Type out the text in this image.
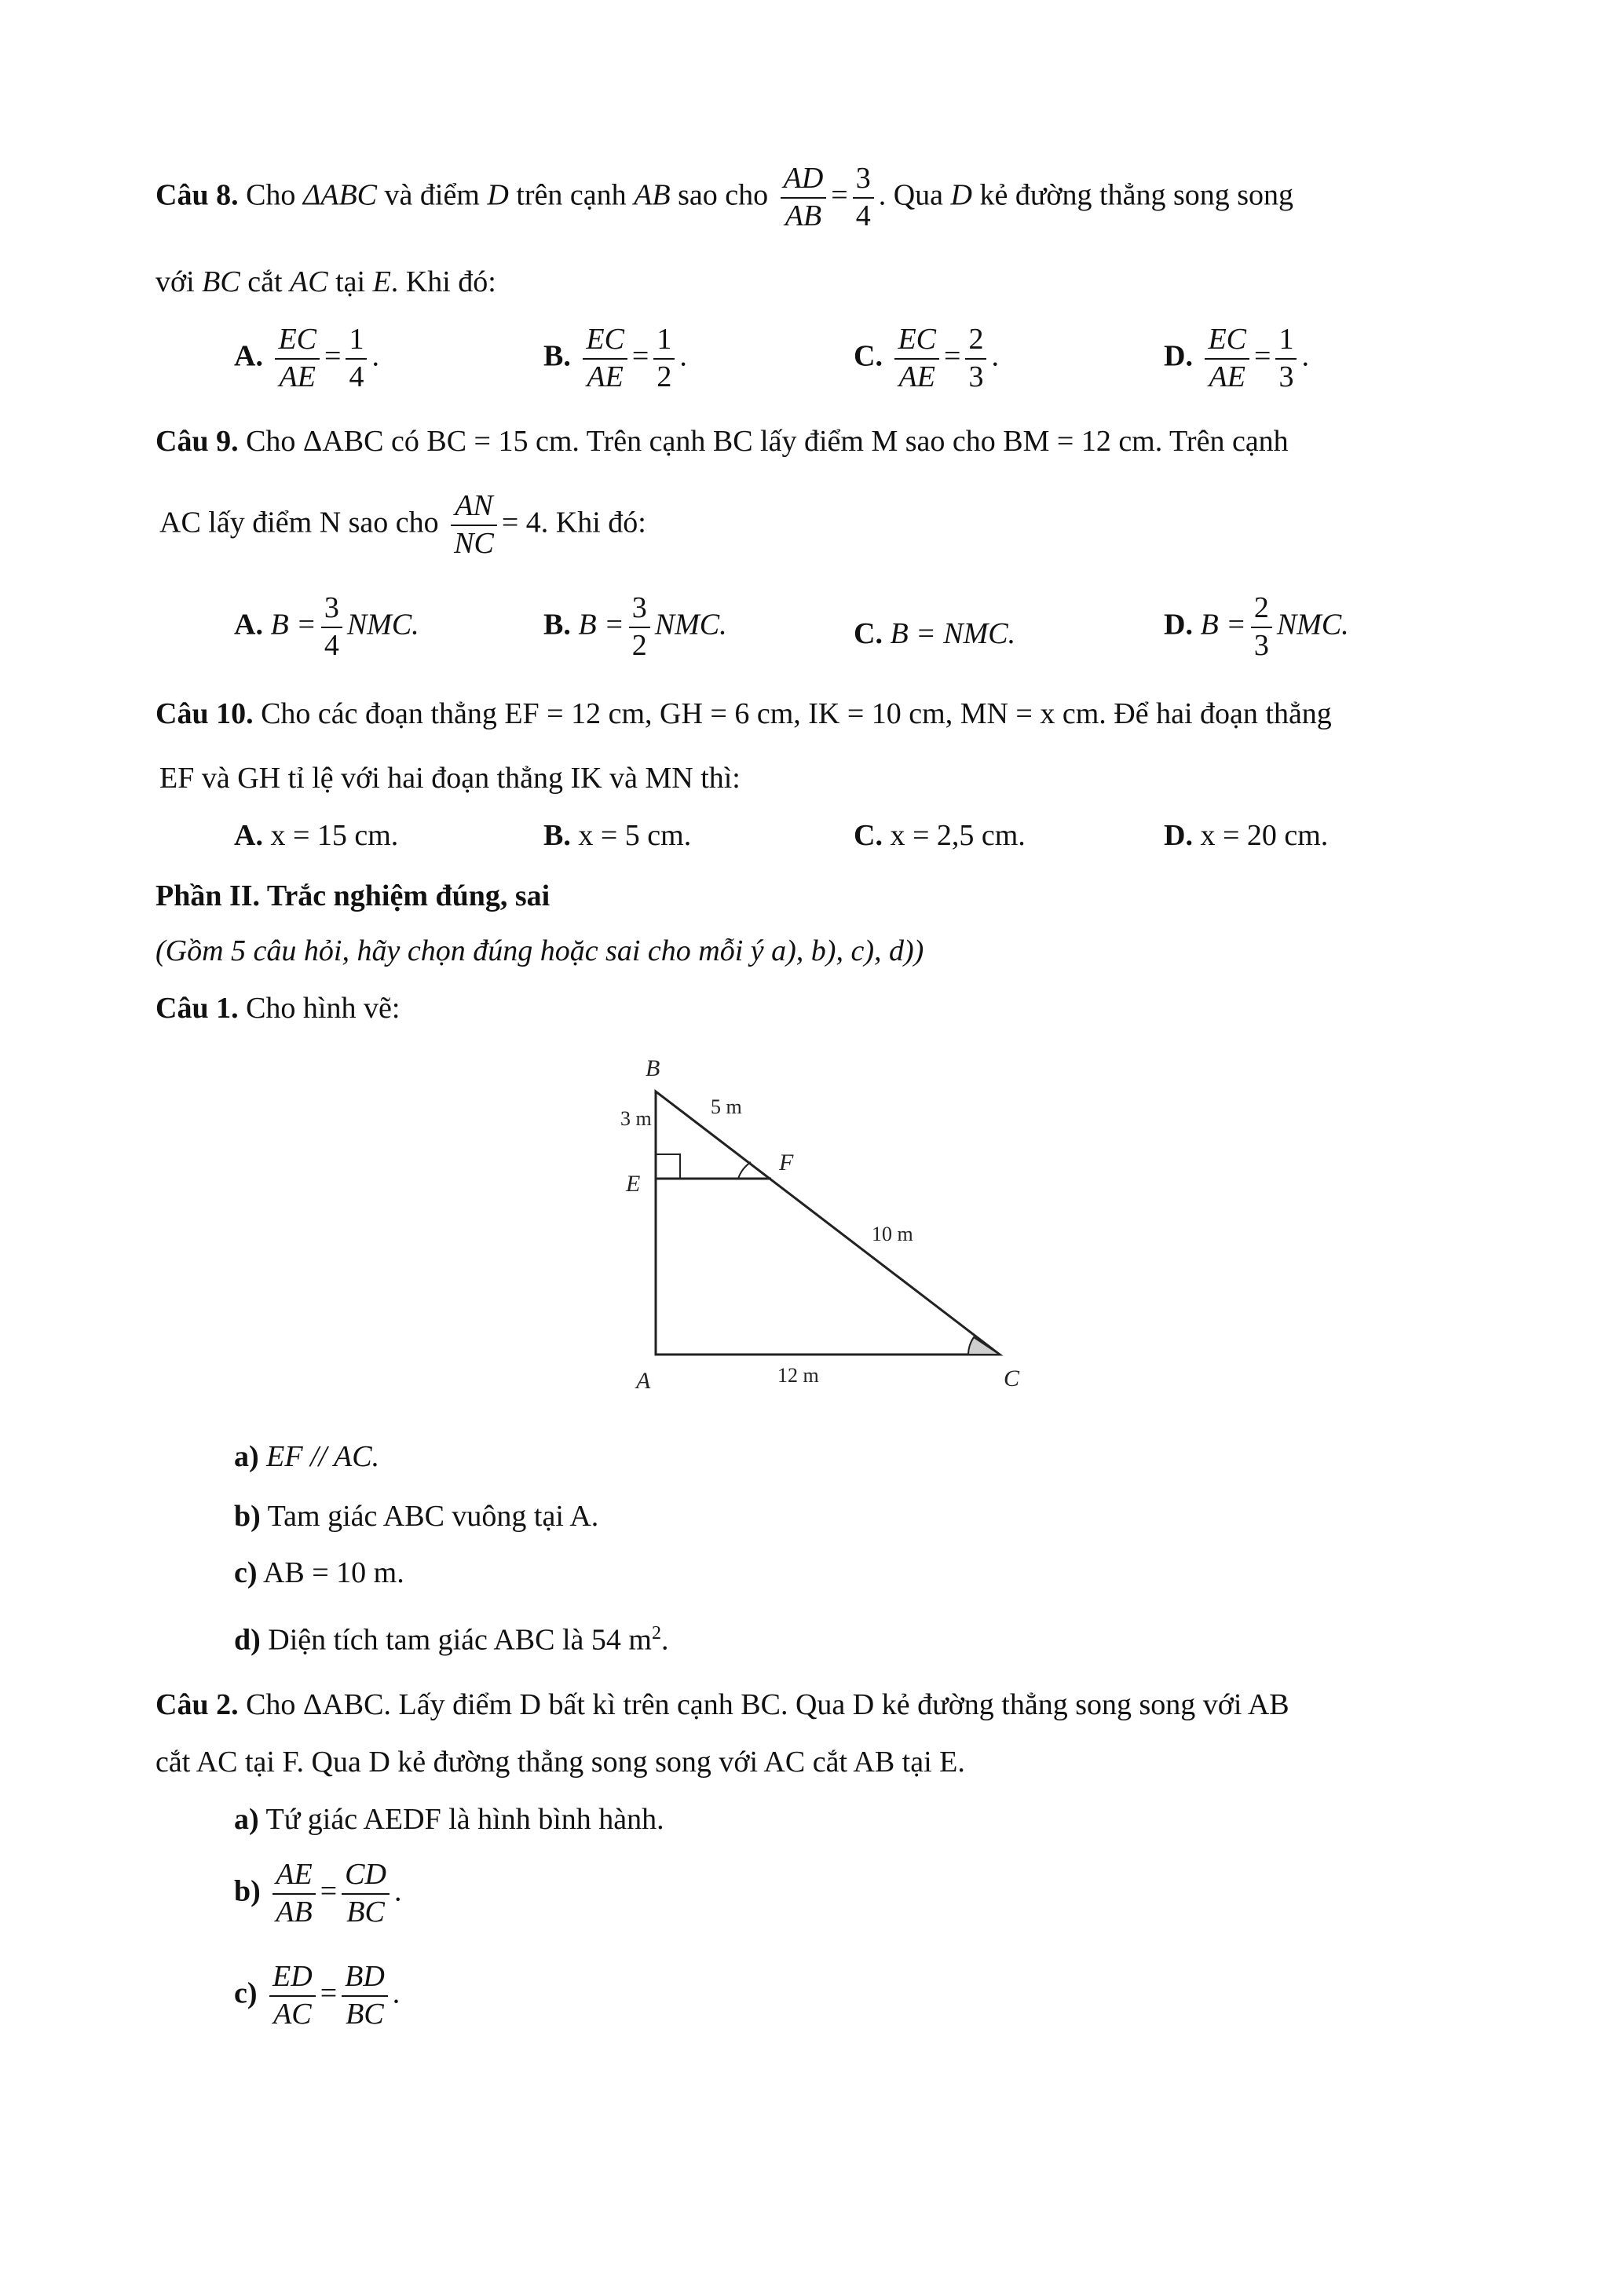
Câu 8. Cho ΔABC và điểm D trên cạnh AB sao cho $\frac{AD}{AB} = \frac{3}{4}$ . Qua D kẻ đường thẳng song song
với BC cắt AC tại E. Khi đó:
A. $\frac{EC}{AE} = \frac{1}{4}$ .	B. $\frac{EC}{AE} = \frac{1}{2}$ .	C. $\frac{EC}{AE} = \frac{2}{3}$ .	D. $\frac{EC}{AE} = \frac{1}{3}$ .
Câu 9. Cho ΔABC có BC = 15 cm. Trên cạnh BC lấy điểm M sao cho BM = 12 cm. Trên cạnh
AC lấy điểm N sao cho $\frac{AN}{NC} = 4$. Khi đó:
A. $B = \frac{3}{4}$ NMC.	B. $B = \frac{3}{2}$ NMC.	C. B = NMC.	D. $B = \frac{2}{3}$ NMC.
Câu 10. Cho các đoạn thẳng EF = 12 cm, GH = 6 cm, IK = 10 cm, MN = x cm. Để hai đoạn thẳng
EF và GH tỉ lệ với hai đoạn thẳng IK và MN thì:
A. x = 15 cm.	B. x = 5 cm.	C. x = 2,5 cm.	D. x = 20 cm.
Phần II. Trắc nghiệm đúng, sai
(Gồm 5 câu hỏi, hãy chọn đúng hoặc sai cho mỗi ý a), b), c), d))
Câu 1. Cho hình vẽ:
B
3 m
5 m
E
F
10 m
A	12 m	C
a) EF // AC.
b) Tam giác ABC vuông tại A.
c) AB = 10 m.
d) Diện tích tam giác ABC là 54 $m^2$.
Câu 2. Cho ΔABC. Lấy điểm D bất kì trên cạnh BC. Qua D kẻ đường thẳng song song với AB
cắt AC tại F. Qua D kẻ đường thẳng song song với AC cắt AB tại E.
a) Tứ giác AEDF là hình bình hành.
$b) \frac{AE}{AB} = \frac{CD}{BC}$ .
$c) \frac{ED}{AC} = \frac{BD}{BC}$ .
